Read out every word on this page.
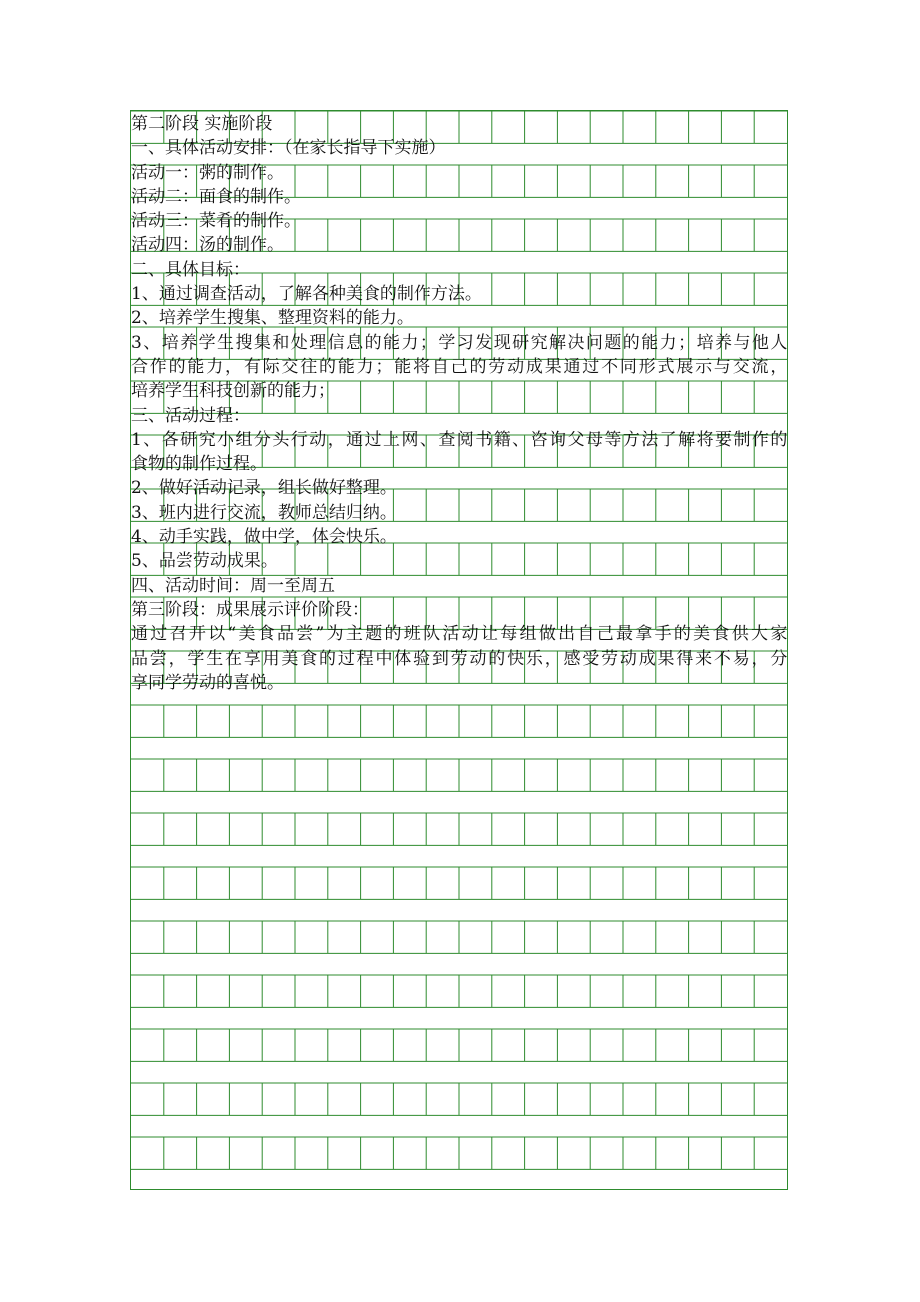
第二阶段 实施阶段
一、具体活动安排：（在家长指导下实施）
活动一：粥的制作。
活动二：面食的制作。
活动三：菜肴的制作。
活动四：汤的制作。
二、具体目标：
1、通过调查活动，了解各种美食的制作方法。
2、培养学生搜集、整理资料的能力。
3、培养学生搜集和处理信息的能力；学习发现研究解决问题的能力；培养与他人
合作的能力，有际交往的能力；能将自己的劳动成果通过不同形式展示与交流，
培养学生科技创新的能力；
三、活动过程：
1、各研究小组分头行动，通过上网、查阅书籍、咨询父母等方法了解将要制作的
食物的制作过程。
2、做好活动记录，组长做好整理。
3、班内进行交流，教师总结归纳。
4、动手实践，做中学，体会快乐。
5、品尝劳动成果。
四、活动时间：周一至周五
第三阶段：成果展示评价阶段：
通过召开以“美食品尝”为主题的班队活动让每组做出自己最拿手的美食供大家
品尝，学生在享用美食的过程中体验到劳动的快乐，感受劳动成果得来不易，分
享同学劳动的喜悦。
